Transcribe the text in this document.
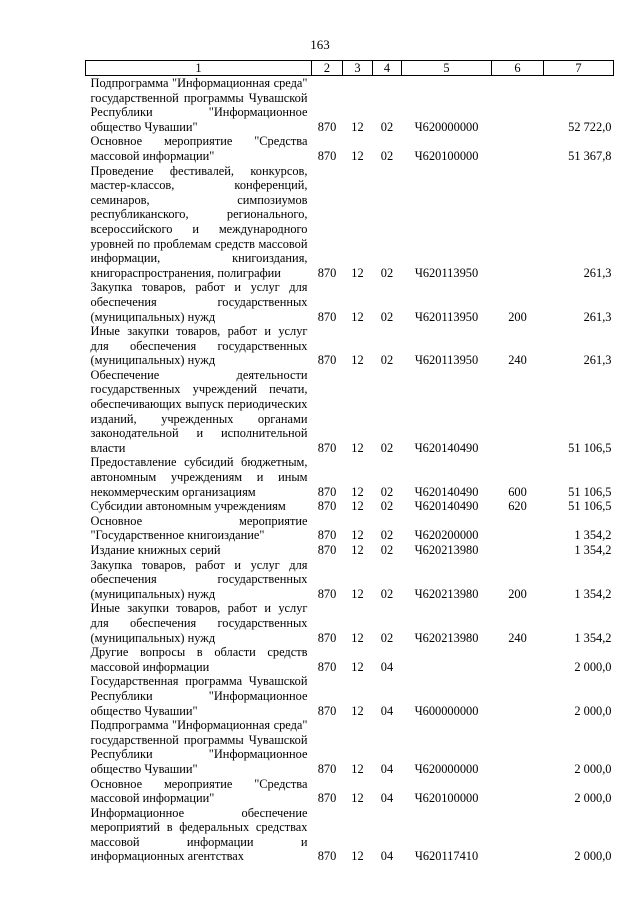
163
1	2	3	4	5	6	7
Подпрограмма "Информационная среда" государственной программы Чувашской Республики "Информационное общество Чувашии"	870	12	02	Ч620000000		52 722,0
Основное мероприятие "Средства массовой информации"	870	12	02	Ч620100000		51 367,8
Проведение фестивалей, конкурсов, мастер-классов, конференций, семинаров, симпозиумов республиканского, регионального, всероссийского и международного уровней по проблемам средств массовой информации, книгоиздания, книгораспространения, полиграфии	870	12	02	Ч620113950		261,3
Закупка товаров, работ и услуг для обеспечения государственных (муниципальных) нужд	870	12	02	Ч620113950	200	261,3
Иные закупки товаров, работ и услуг для обеспечения государственных (муниципальных) нужд	870	12	02	Ч620113950	240	261,3
Обеспечение деятельности государственных учреждений печати, обеспечивающих выпуск периодических изданий, учрежденных органами законодательной и исполнительной власти	870	12	02	Ч620140490		51 106,5
Предоставление субсидий бюджетным, автономным учреждениям и иным некоммерческим организациям	870	12	02	Ч620140490	600	51 106,5
Субсидии автономным учреждениям	870	12	02	Ч620140490	620	51 106,5
Основное мероприятие "Государственное книгоиздание"	870	12	02	Ч620200000		1 354,2
Издание книжных серий	870	12	02	Ч620213980		1 354,2
Закупка товаров, работ и услуг для обеспечения государственных (муниципальных) нужд	870	12	02	Ч620213980	200	1 354,2
Иные закупки товаров, работ и услуг для обеспечения государственных (муниципальных) нужд	870	12	02	Ч620213980	240	1 354,2
Другие вопросы в области средств массовой информации	870	12	04			2 000,0
Государственная программа Чувашской Республики "Информационное общество Чувашии"	870	12	04	Ч600000000		2 000,0
Подпрограмма "Информационная среда" государственной программы Чувашской Республики "Информационное общество Чувашии"	870	12	04	Ч620000000		2 000,0
Основное мероприятие "Средства массовой информации"	870	12	04	Ч620100000		2 000,0
Информационное обеспечение мероприятий в федеральных средствах массовой информации и информационных агентствах	870	12	04	Ч620117410		2 000,0
